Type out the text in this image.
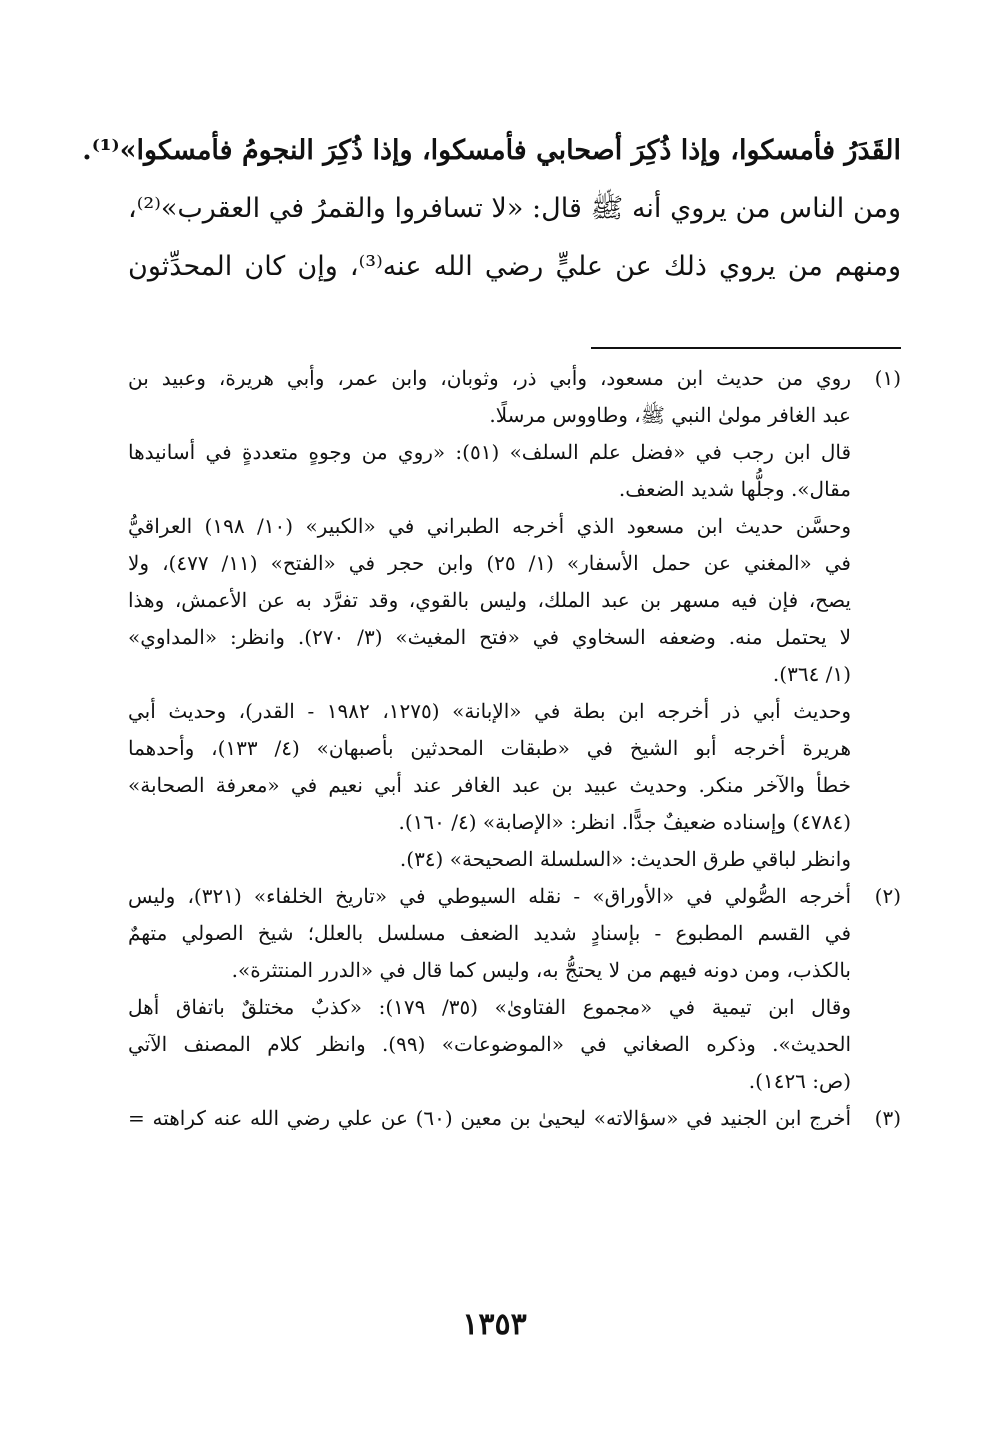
القَدَرُ فأمسكوا، وإذا ذُكِرَ أصحابي فأمسكوا، وإذا ذُكِرَ النجومُ فأمسكوا»⁽¹⁾.
ومن الناس من يروي أنه ﷺ قال: «لا تسافروا والقمرُ في العقرب»⁽²⁾،
ومنهم من يروي ذلك عن عليٍّ رضي الله عنه⁽³⁾، وإن كان المحدِّثون
(١)
روي من حديث ابن مسعود، وأبي ذر، وثوبان، وابن عمر، وأبي هريرة، وعبيد بن
عبد الغافر مولىٰ النبي ﷺ، وطاووس مرسلًا.
قال ابن رجب في «فضل علم السلف» (٥١): «روي من وجوهٍ متعددةٍ في أسانيدها
مقال». وجلُّها شديد الضعف.
وحسَّن حديث ابن مسعود الذي أخرجه الطبراني في «الكبير» (١٠/ ١٩٨) العراقيُّ
في «المغني عن حمل الأسفار» (١/ ٢٥) وابن حجر في «الفتح» (١١/ ٤٧٧)، ولا
يصح، فإن فيه مسهر بن عبد الملك، وليس بالقوي، وقد تفرَّد به عن الأعمش، وهذا
لا يحتمل منه. وضعفه السخاوي في «فتح المغيث» (٣/ ٢٧٠). وانظر: «المداوي»
(١/ ٣٦٤).
وحديث أبي ذر أخرجه ابن بطة في «الإبانة» (١٢٧٥، ١٩٨٢ - القدر)، وحديث أبي
هريرة أخرجه أبو الشيخ في «طبقات المحدثين بأصبهان» (٤/ ١٣٣)، وأحدهما
خطأ والآخر منكر. وحديث عبيد بن عبد الغافر عند أبي نعيم في «معرفة الصحابة»
(٤٧٨٤) وإسناده ضعيفٌ جدًّا. انظر: «الإصابة» (٤/ ١٦٠).
وانظر لباقي طرق الحديث: «السلسلة الصحيحة» (٣٤).
(٢)
أخرجه الصُّولي في «الأوراق» - نقله السيوطي في «تاريخ الخلفاء» (٣٢١)، وليس
في القسم المطبوع - بإسنادٍ شديد الضعف مسلسل بالعلل؛ شيخ الصولي متهمٌ
بالكذب، ومن دونه فيهم من لا يحتجُّ به، وليس كما قال في «الدرر المنتثرة».
وقال ابن تيمية في «مجموع الفتاوىٰ» (٣٥/ ١٧٩): «كذبٌ مختلقٌ باتفاق أهل
الحديث». وذكره الصغاني في «الموضوعات» (٩٩). وانظر كلام المصنف الآتي
(ص: ١٤٢٦).
(٣)
أخرج ابن الجنيد في «سؤالاته» ليحيىٰ بن معين (٦٠) عن علي رضي الله عنه كراهته =
١٣٥٣
